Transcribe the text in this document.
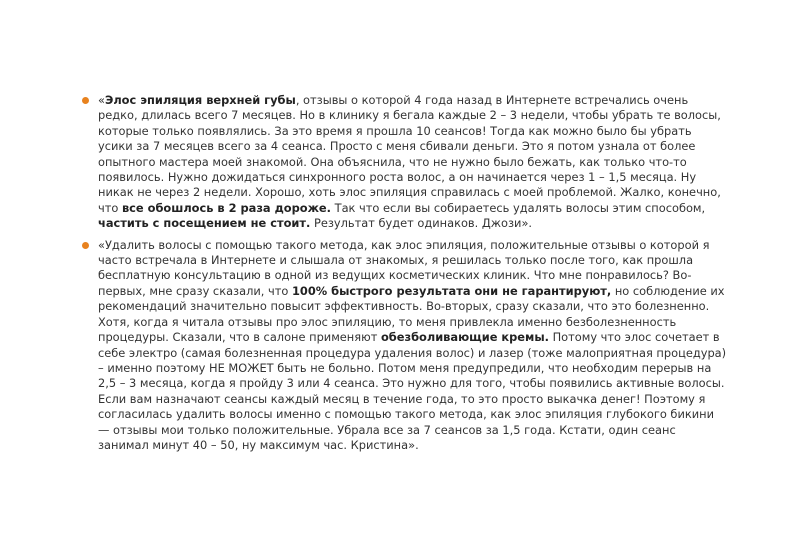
«Элос эпиляция верхней губы, отзывы о которой 4 года назад в Интернете встречались очень редко, длилась всего 7 месяцев. Но в клинику я бегала каждые 2 – 3 недели, чтобы убрать те волосы, которые только появлялись. За это время я прошла 10 сеансов! Тогда как можно было бы убрать усики за 7 месяцев всего за 4 сеанса. Просто с меня сбивали деньги. Это я потом узнала от более опытного мастера моей знакомой. Она объяснила, что не нужно было бежать, как только что-то появилось. Нужно дожидаться синхронного роста волос, а он начинается через 1 – 1,5 месяца. Ну никак не через 2 недели. Хорошо, хоть элос эпиляция справилась с моей проблемой. Жалко, конечно, что все обошлось в 2 раза дороже. Так что если вы собираетесь удалять волосы этим способом, частить с посещением не стоит. Результат будет одинаков. Джози».
«Удалить волосы с помощью такого метода, как элос эпиляция, положительные отзывы о которой я часто встречала в Интернете и слышала от знакомых, я решилась только после того, как прошла бесплатную консультацию в одной из ведущих косметических клиник. Что мне понравилось? Во-первых, мне сразу сказали, что 100% быстрого результата они не гарантируют, но соблюдение их рекомендаций значительно повысит эффективность. Во-вторых, сразу сказали, что это болезненно. Хотя, когда я читала отзывы про элос эпиляцию, то меня привлекла именно безболезненность процедуры. Сказали, что в салоне применяют обезболивающие кремы. Потому что элос сочетает в себе электро (самая болезненная процедура удаления волос) и лазер (тоже малоприятная процедура) – именно поэтому НЕ МОЖЕТ быть не больно. Потом меня предупредили, что необходим перерыв на 2,5 – 3 месяца, когда я пройду 3 или 4 сеанса. Это нужно для того, чтобы появились активные волосы. Если вам назначают сеансы каждый месяц в течение года, то это просто выкачка денег! Поэтому я согласилась удалить волосы именно с помощью такого метода, как элос эпиляция глубокого бикини — отзывы мои только положительные. Убрала все за 7 сеансов за 1,5 года. Кстати, один сеанс занимал минут 40 – 50, ну максимум час. Кристина».
